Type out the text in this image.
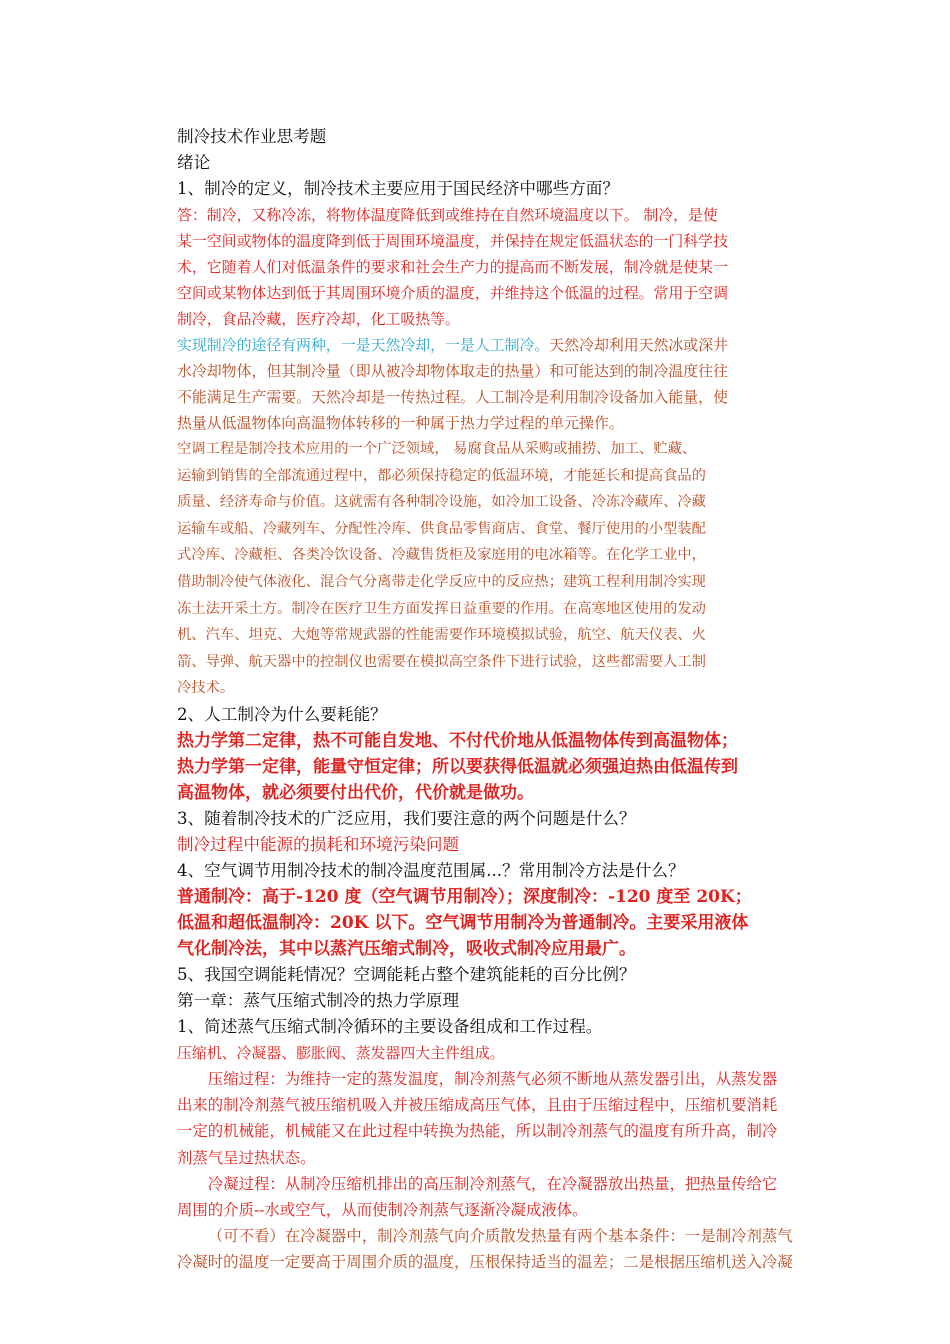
制冷技术作业思考题

绪论

1、制冷的定义，制冷技术主要应用于国民经济中哪些方面？

答：制冷，又称冷冻，将物体温度降低到或维持在自然环境温度以下。 制冷，是使

某一空间或物体的温度降到低于周围环境温度，并保持在规定低温状态的一门科学技

术，它随着人们对低温条件的要求和社会生产力的提高而不断发展，制冷就是使某一

空间或某物体达到低于其周围环境介质的温度，并维持这个低温的过程。常用于空调

制冷，食品冷藏，医疗冷却，化工吸热等。

实现制冷的途径有两种，一是天然冷却，一是人工制冷。天然冷却利用天然冰或深井

水冷却物体，但其制冷量（即从被冷却物体取走的热量）和可能达到的制冷温度往往

不能满足生产需要。天然冷却是一传热过程。人工制冷是利用制冷设备加入能量，使

热量从低温物体向高温物体转移的一种属于热力学过程的单元操作。

空调工程是制冷技术应用的一个广泛领域， 易腐食品从采购或捕捞、加工、贮藏、

运输到销售的全部流通过程中，都必须保持稳定的低温环境，才能延长和提高食品的

质量、经济寿命与价值。这就需有各种制冷设施，如冷加工设备、冷冻冷藏库、冷藏

运输车或船、冷藏列车、分配性冷库、供食品零售商店、食堂、餐厅使用的小型装配

式冷库、冷藏柜、各类冷饮设备、冷藏售货柜及家庭用的电冰箱等。在化学工业中，

借助制冷使气体液化、混合气分离带走化学反应中的反应热；建筑工程利用制冷实现

冻土法开采土方。制冷在医疗卫生方面发挥日益重要的作用。在高寒地区使用的发动

机、汽车、坦克、大炮等常规武器的性能需要作环境模拟试验，航空、航天仪表、火

箭、导弹、航天器中的控制仪也需要在模拟高空条件下进行试验，这些都需要人工制

冷技术。

2、人工制冷为什么要耗能？

热力学第二定律，热不可能自发地、不付代价地从低温物体传到高温物体；

热力学第一定律，能量守恒定律；所以要获得低温就必须强迫热由低温传到

高温物体，就必须要付出代价，代价就是做功。

3、随着制冷技术的广泛应用，我们要注意的两个问题是什么？

制冷过程中能源的损耗和环境污染问题

4、空气调节用制冷技术的制冷温度范围属...？常用制冷方法是什么？

普通制冷：高于-120 度（空气调节用制冷）；深度制冷：-120 度至 20K；

低温和超低温制冷：20K 以下。空气调节用制冷为普通制冷。主要采用液体

气化制冷法，其中以蒸汽压缩式制冷，吸收式制冷应用最广。

5、我国空调能耗情况？空调能耗占整个建筑能耗的百分比例？

第一章：蒸气压缩式制冷的热力学原理

1、简述蒸气压缩式制冷循环的主要设备组成和工作过程。

压缩机、冷凝器、膨胀阀、蒸发器四大主件组成。

压缩过程：为维持一定的蒸发温度，制冷剂蒸气必须不断地从蒸发器引出，从蒸发器

出来的制冷剂蒸气被压缩机吸入并被压缩成高压气体，且由于压缩过程中，压缩机要消耗

一定的机械能，机械能又在此过程中转换为热能，所以制冷剂蒸气的温度有所升高，制冷

剂蒸气呈过热状态。

冷凝过程：从制冷压缩机排出的高压制冷剂蒸气，在冷凝器放出热量，把热量传给它

周围的介质--水或空气，从而使制冷剂蒸气逐渐冷凝成液体。

（可不看）在冷凝器中，制冷剂蒸气向介质散发热量有两个基本条件：一是制冷剂蒸气

冷凝时的温度一定要高于周围介质的温度，压根保持适当的温差；二是根据压缩机送入冷凝
